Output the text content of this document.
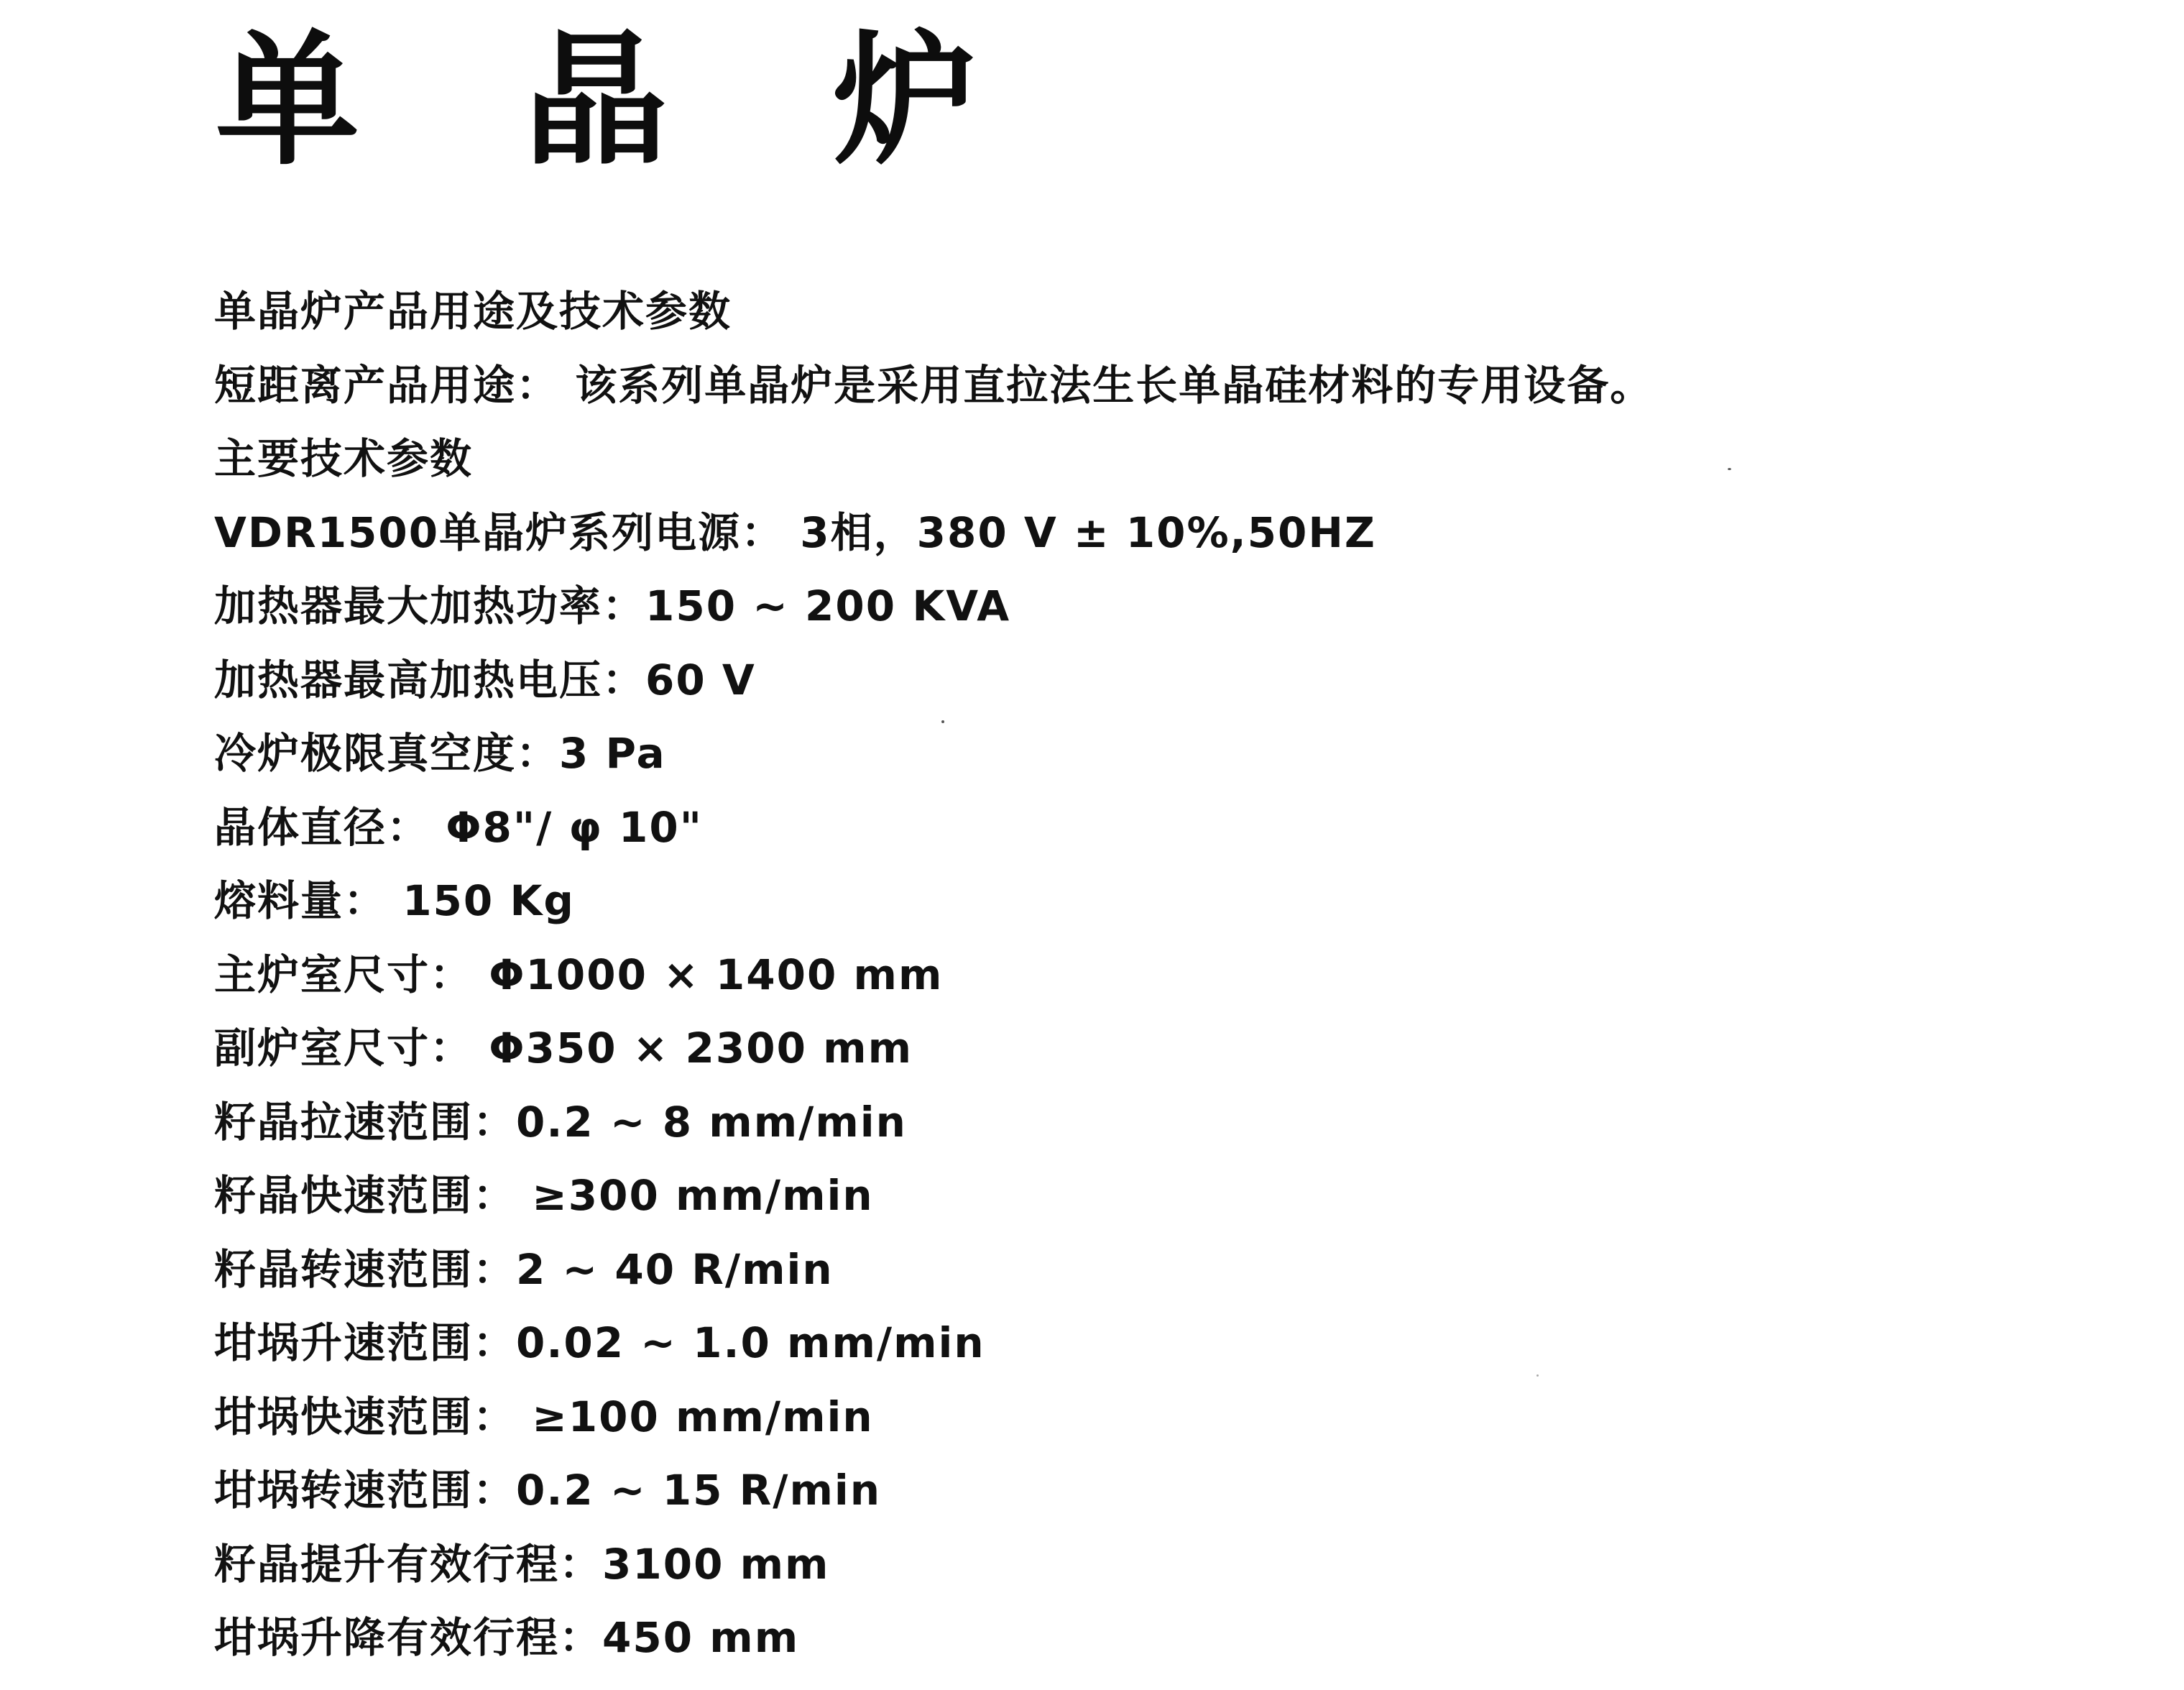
单 晶 炉
单晶炉产品用途及技术参数
短距离产品用途： 该系列单晶炉是采用直拉法生长单晶硅材料的专用设备。
主要技术参数
VDR1500单晶炉系列电源： 3相，380 V ± 10%,50HZ
加热器最大加热功率：150 ~ 200 KVA
加热器最高加热电压：60 V
冷炉极限真空度：3 Pa
晶体直径： Φ8"/ φ 10"
熔料量： 150 Kg
主炉室尺寸： Φ1000 × 1400 mm
副炉室尺寸： Φ350 × 2300 mm
籽晶拉速范围：0.2 ~ 8 mm/min
籽晶快速范围： ≥300 mm/min
籽晶转速范围：2 ~ 40 R/min
坩埚升速范围：0.02 ~ 1.0 mm/min
坩埚快速范围： ≥100 mm/min
坩埚转速范围：0.2 ~ 15 R/min
籽晶提升有效行程：3100 mm
坩埚升降有效行程：450 mm
